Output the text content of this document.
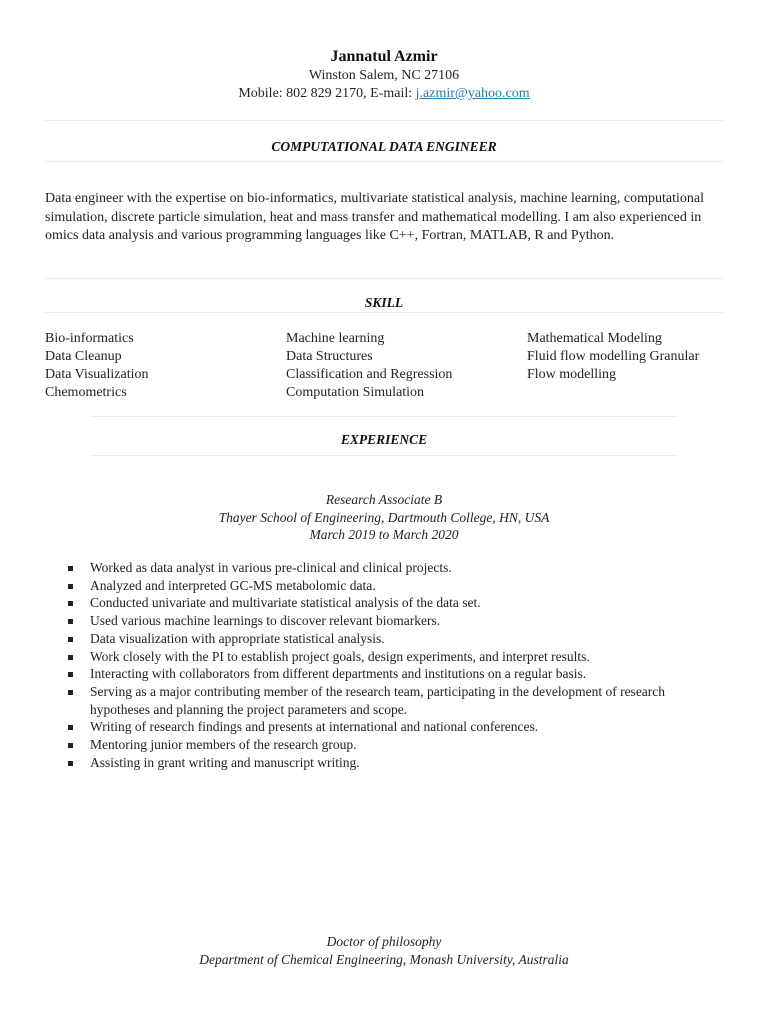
Jannatul Azmir
Winston Salem, NC 27106
Mobile: 802 829 2170, E-mail: j.azmir@yahoo.com
COMPUTATIONAL DATA ENGINEER
Data engineer with the expertise on bio-informatics, multivariate statistical analysis, machine learning, computational simulation, discrete particle simulation, heat and mass transfer and mathematical modelling. I am also experienced in omics data analysis and various programming languages like C++, Fortran, MATLAB, R and Python.
SKILL
Bio-informatics
Data Cleanup
Data Visualization
Chemometrics
Machine learning
Data Structures
Classification and Regression
Computation Simulation
Mathematical Modeling
Fluid flow modelling Granular
Flow modelling
EXPERIENCE
Research Associate B
Thayer School of Engineering, Dartmouth College, HN, USA
March 2019 to March 2020
Worked as data analyst in various pre-clinical and clinical projects.
Analyzed and interpreted GC-MS metabolomic data.
Conducted univariate and multivariate statistical analysis of the data set.
Used various machine learnings to discover relevant biomarkers.
Data visualization with appropriate statistical analysis.
Work closely with the PI to establish project goals, design experiments, and interpret results.
Interacting with collaborators from different departments and institutions on a regular basis.
Serving as a major contributing member of the research team, participating in the development of research hypotheses and planning the project parameters and scope.
Writing of research findings and presents at international and national conferences.
Mentoring junior members of the research group.
Assisting in grant writing and manuscript writing.
Doctor of philosophy
Department of Chemical Engineering, Monash University, Australia
